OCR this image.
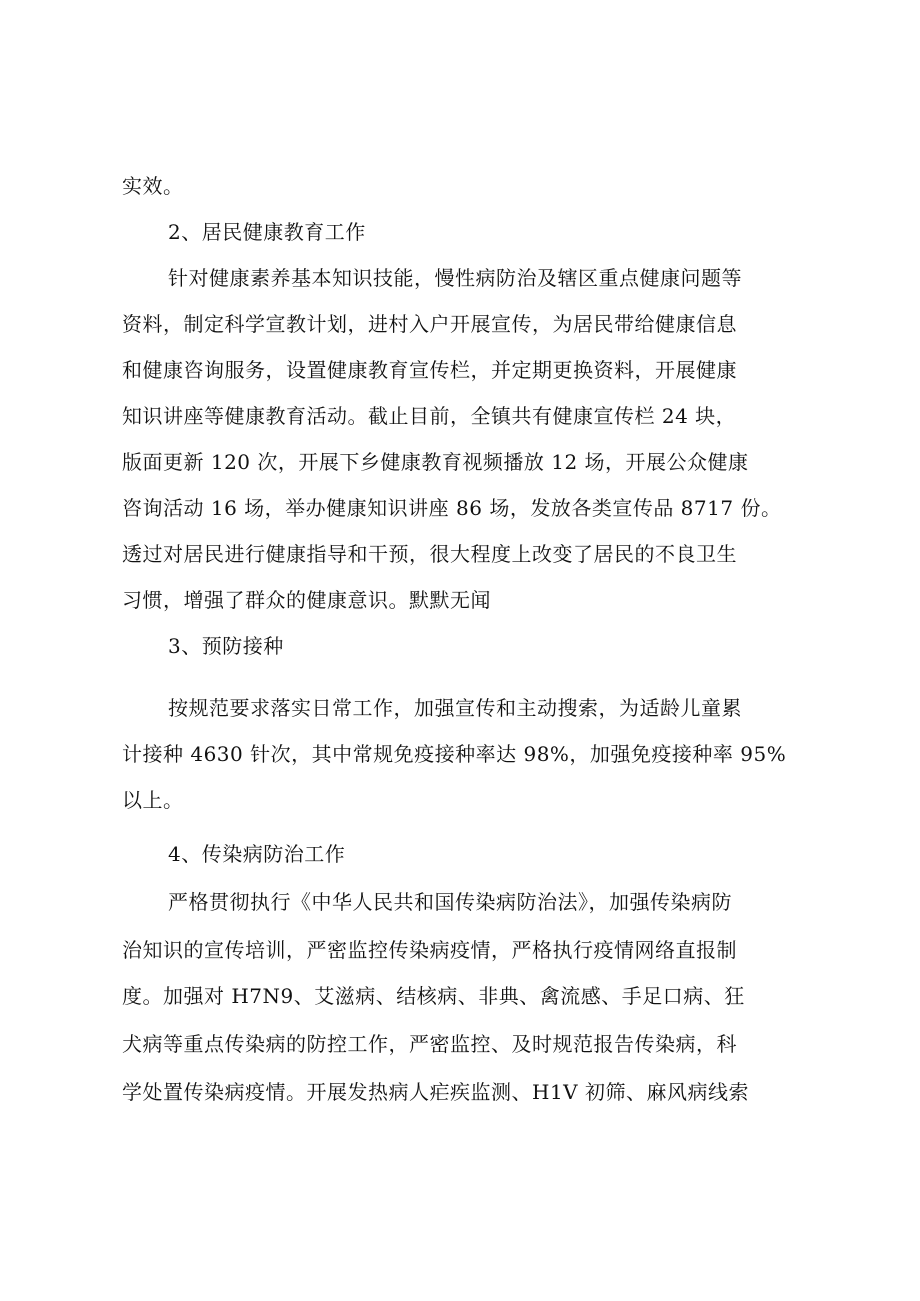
实效。
2、居民健康教育工作
针对健康素养基本知识技能，慢性病防治及辖区重点健康问题等
资料，制定科学宣教计划，进村入户开展宣传，为居民带给健康信息
和健康咨询服务，设置健康教育宣传栏，并定期更换资料，开展健康
知识讲座等健康教育活动。截止目前，全镇共有健康宣传栏 24 块，
版面更新 120 次，开展下乡健康教育视频播放 12 场，开展公众健康
咨询活动 16 场，举办健康知识讲座 86 场，发放各类宣传品 8717 份。
透过对居民进行健康指导和干预，很大程度上改变了居民的不良卫生
习惯，增强了群众的健康意识。默默无闻
3、预防接种
按规范要求落实日常工作，加强宣传和主动搜索，为适龄儿童累
计接种 4630 针次，其中常规免疫接种率达 98%，加强免疫接种率 95%
以上。
4、传染病防治工作
严格贯彻执行《中华人民共和国传染病防治法》，加强传染病防
治知识的宣传培训，严密监控传染病疫情，严格执行疫情网络直报制
度。加强对 H7N9、艾滋病、结核病、非典、禽流感、手足口病、狂
犬病等重点传染病的防控工作，严密监控、及时规范报告传染病，科
学处置传染病疫情。开展发热病人疟疾监测、H1V 初筛、麻风病线索
